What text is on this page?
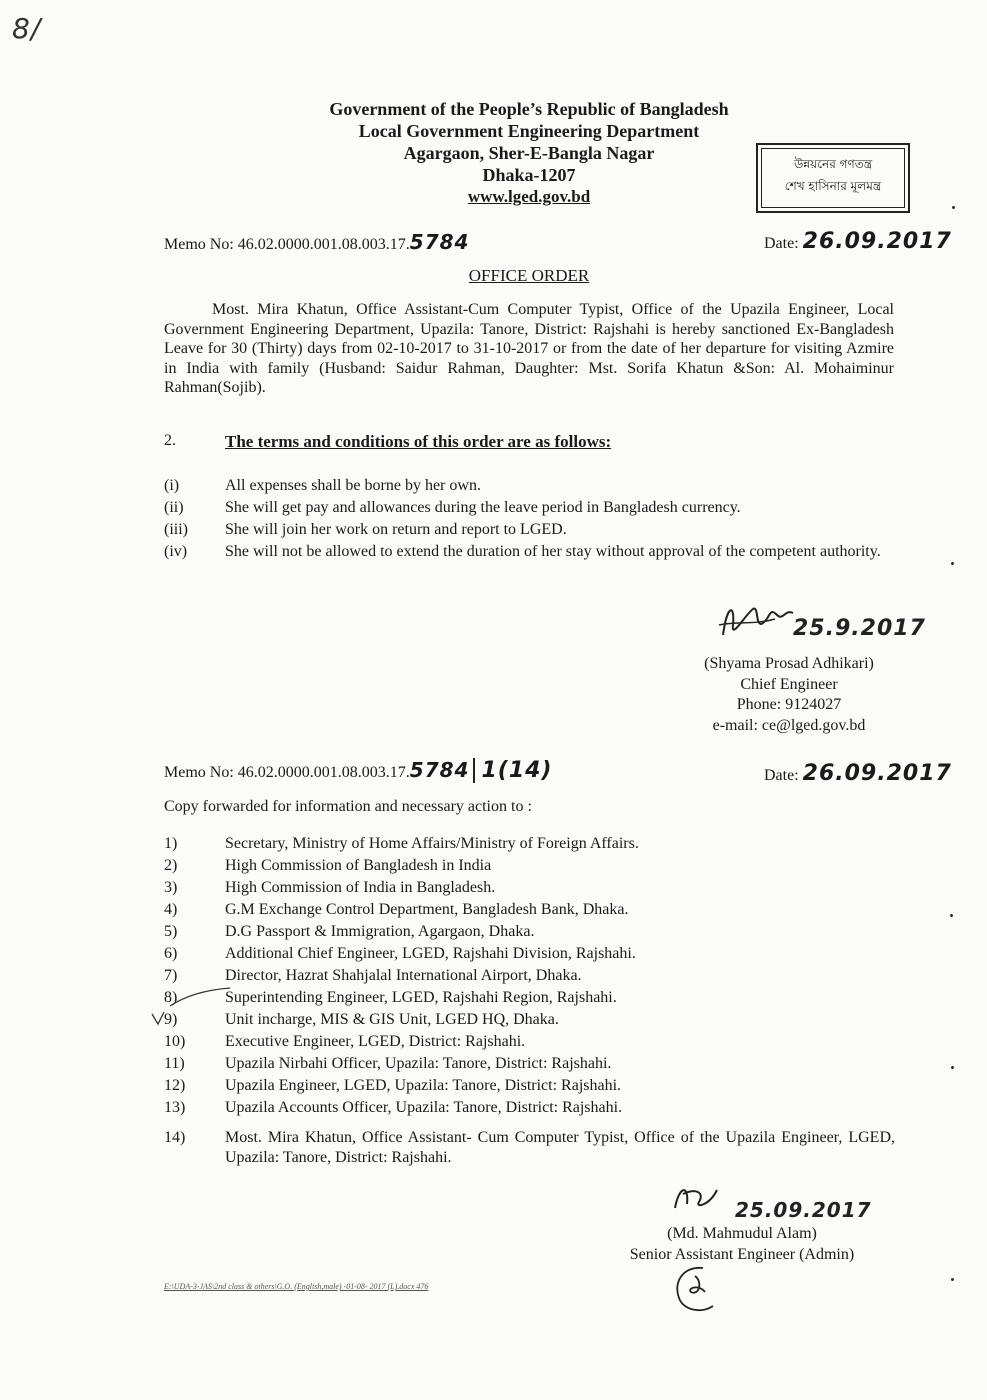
8/
Government of the People’s Republic of Bangladesh
Local Government Engineering Department
Agargaon, Sher-E-Bangla Nagar
Dhaka-1207
www.lged.gov.bd
উন্নয়নের গণতন্ত্র
শেখ হাসিনার মূলমন্ত্র
Memo No: 46.02.0000.001.08.003.17.5784	Date: 26.09.2017
OFFICE ORDER
Most. Mira Khatun, Office Assistant-Cum Computer Typist, Office of the Upazila Engineer, Local Government Engineering Department, Upazila: Tanore, District: Rajshahi is hereby sanctioned Ex-Bangladesh Leave for 30 (Thirty) days from 02-10-2017 to 31-10-2017 or from the date of her departure for visiting Azmire in India with family (Husband: Saidur Rahman, Daughter: Mst. Sorifa Khatun &Son: Al. Mohaiminur Rahman(Sojib).
2.	The terms and conditions of this order are as follows:
(i)	All expenses shall be borne by her own.
(ii)	She will get pay and allowances during the leave period in Bangladesh currency.
(iii) She will join her work on return and report to LGED.
(iv) She will not be allowed to extend the duration of her stay without approval of the competent authority.
25.9.2017
(Shyama Prosad Adhikari)
Chief Engineer
Phone: 9124027
e-mail: ce@lged.gov.bd
Memo No: 46.02.0000.001.08.003.17.5784 1(14)	Date: 26.09.2017
Copy forwarded for information and necessary action to :
1)	Secretary, Ministry of Home Affairs/Ministry of Foreign Affairs.
2)	High Commission of Bangladesh in India
3)	High Commission of India in Bangladesh.
4)	G.M Exchange Control Department, Bangladesh Bank, Dhaka.
5)	D.G Passport & Immigration, Agargaon, Dhaka.
6)	Additional Chief Engineer, LGED, Rajshahi Division, Rajshahi.
7)	Director, Hazrat Shahjalal International Airport, Dhaka.
8)	Superintending Engineer, LGED, Rajshahi Region, Rajshahi.
9)	Unit incharge, MIS & GIS Unit, LGED HQ, Dhaka.
10) Executive Engineer, LGED, District: Rajshahi.
11)	Upazila Nirbahi Officer, Upazila: Tanore, District: Rajshahi.
12) Upazila Engineer, LGED, Upazila: Tanore, District: Rajshahi.
13) Upazila Accounts Officer, Upazila: Tanore, District: Rajshahi.
14) Most. Mira Khatun, Office Assistant- Cum Computer Typist, Office of the Upazila Engineer, LGED, Upazila: Tanore, District: Rajshahi.
25.09.2017
(Md. Mahmudul Alam)
Senior Assistant Engineer (Admin)
E:\UDA-3-JAS\2nd class & others\G.O. (English,male) -01-08- 2017 (L).docx 476
